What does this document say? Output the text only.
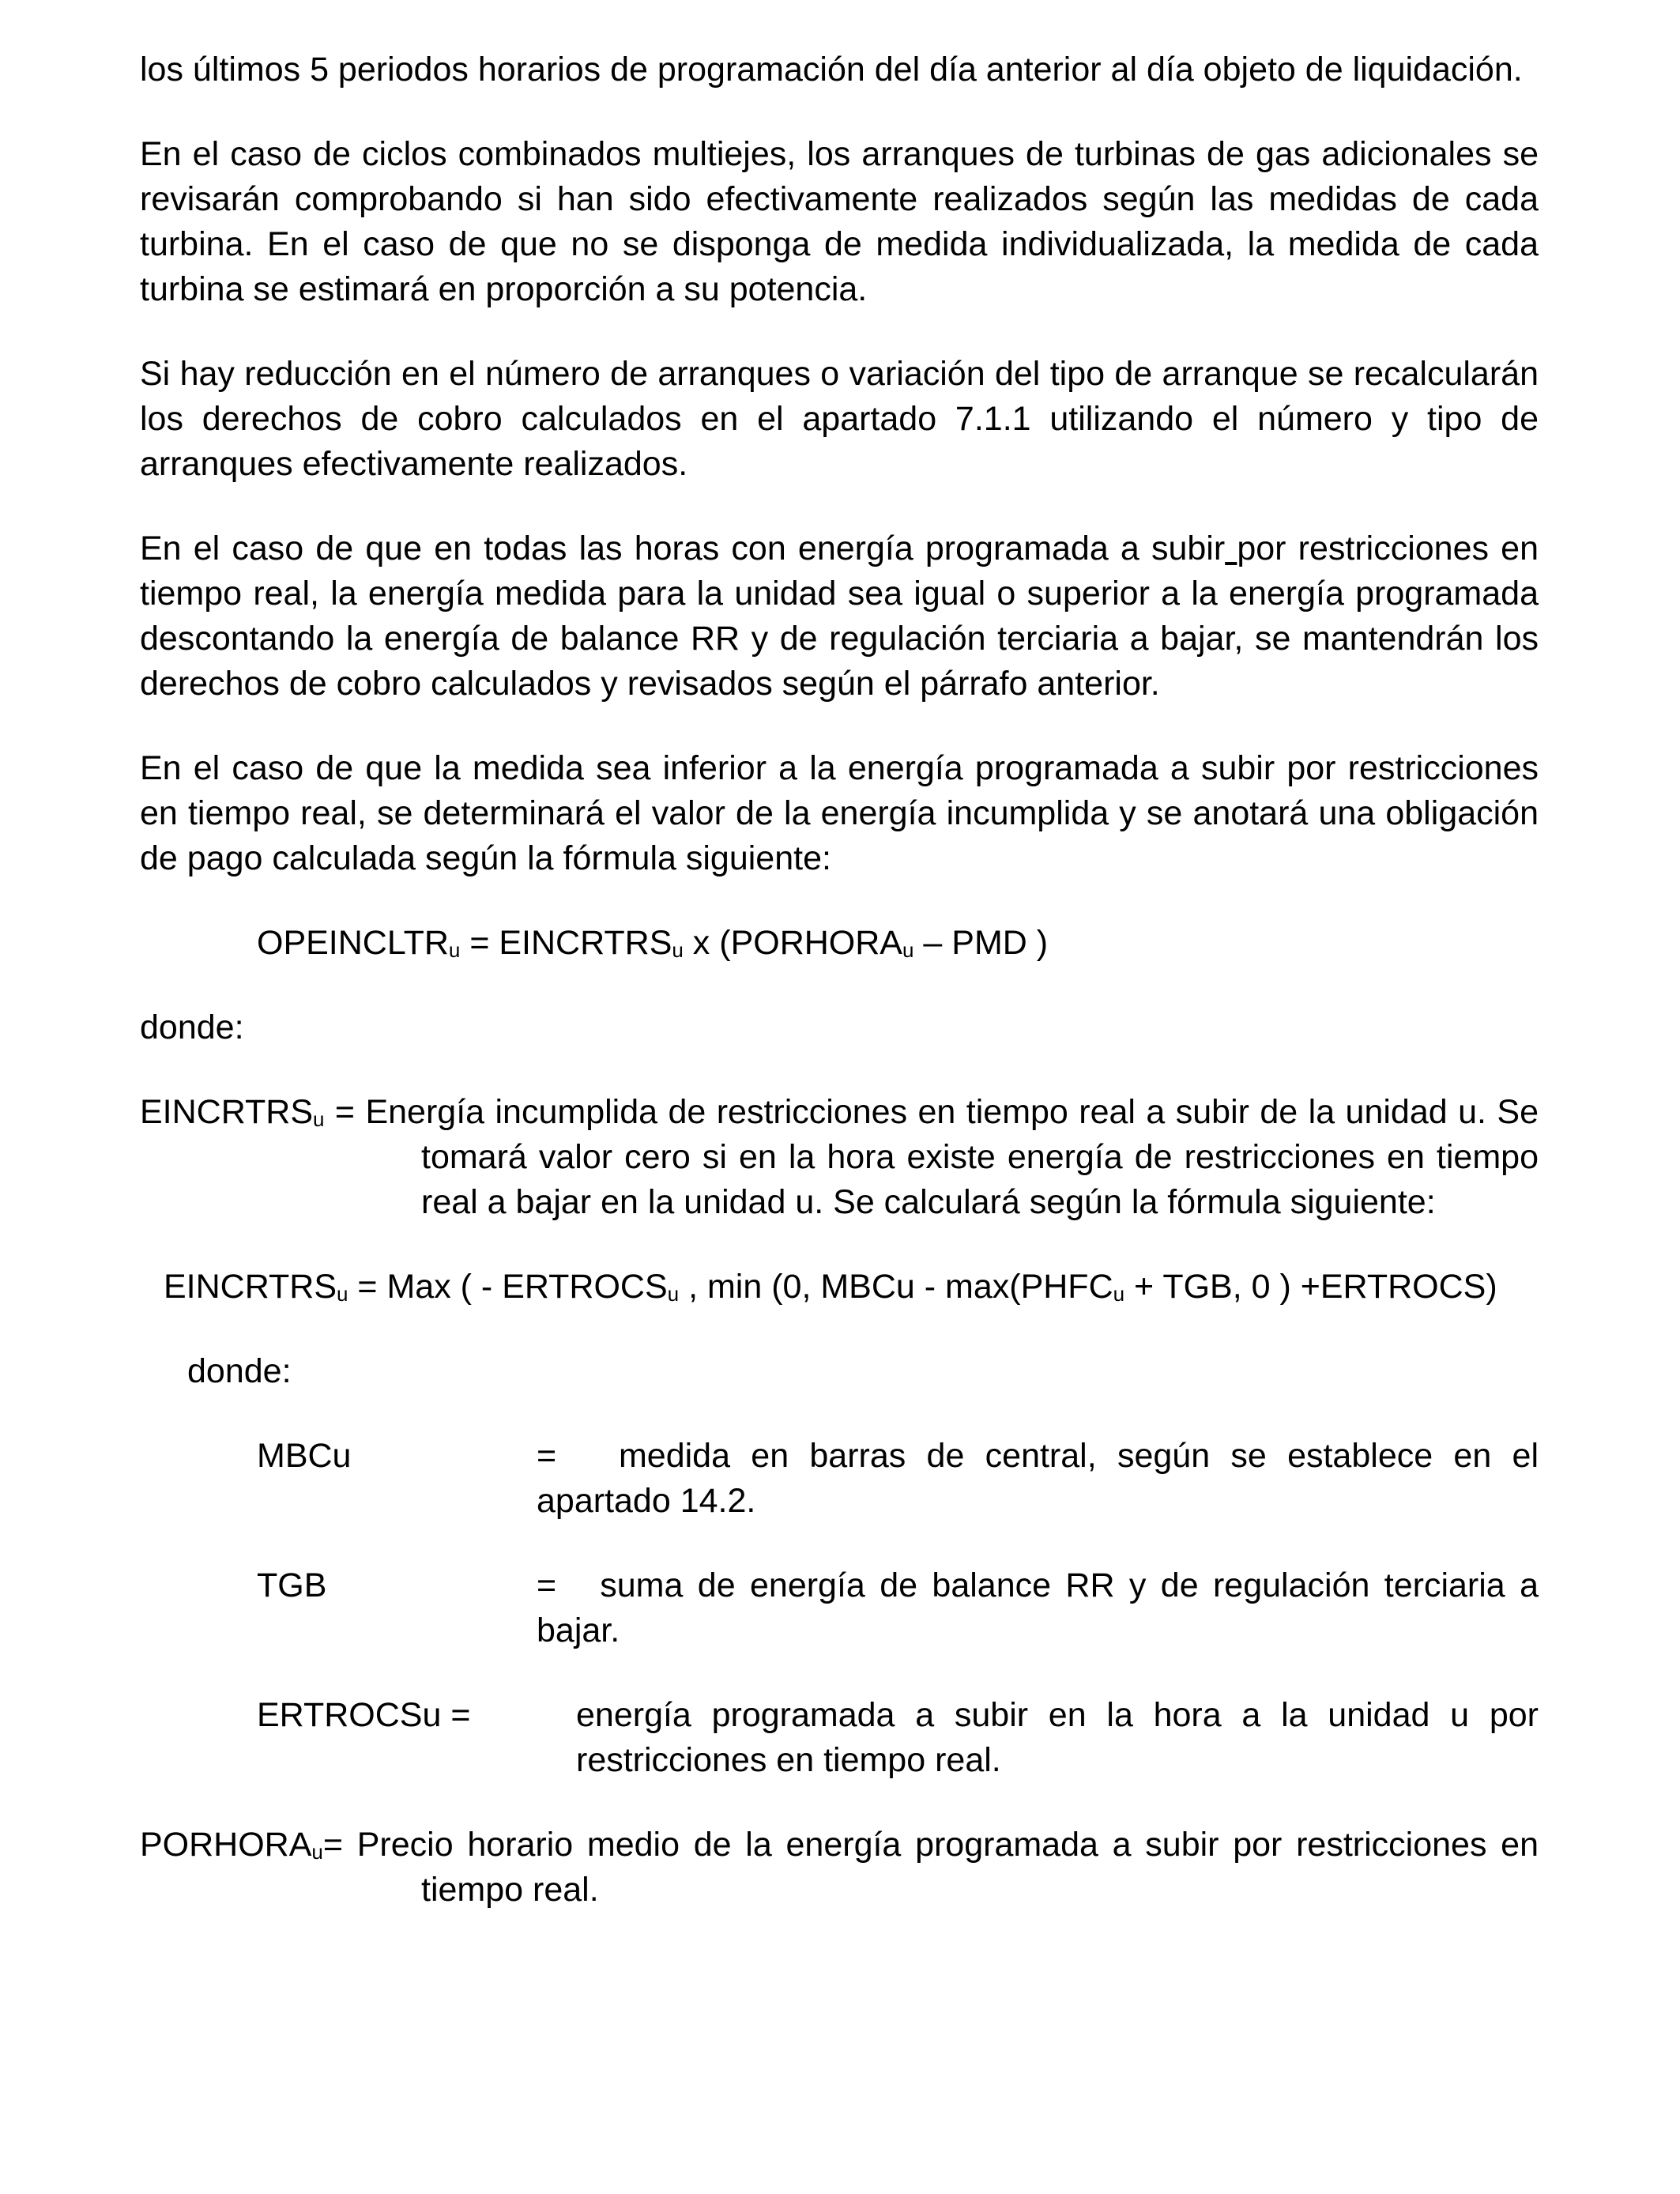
los últimos 5 periodos horarios de programación del día anterior al día objeto de liquidación.

En el caso de ciclos combinados multiejes, los arranques de turbinas de gas adicionales se revisarán comprobando si han sido efectivamente realizados según las medidas de cada turbina. En el caso de que no se disponga de medida individualizada, la medida de cada turbina se estimará en proporción a su potencia.

Si hay reducción en el número de arranques o variación del tipo de arranque se recalcularán los derechos de cobro calculados en el apartado 7.1.1 utilizando el número y tipo de arranques efectivamente realizados.

En el caso de que en todas las horas con energía programada a subir por restricciones en tiempo real, la energía medida para la unidad sea igual o superior a la energía programada descontando la energía de balance RR y de regulación terciaria a bajar, se mantendrán los derechos de cobro calculados y revisados según el párrafo anterior.

En el caso de que la medida sea inferior a la energía programada a subir por restricciones en tiempo real, se determinará el valor de la energía incumplida y se anotará una obligación de pago calculada según la fórmula siguiente:

$OPEINCLTR_u$ = $EINCRTRS_u$ x ($PORHORA_u$ – PMD )

donde:

$EINCRTRS_u$ = Energía incumplida de restricciones en tiempo real a subir de la unidad u. Se tomará valor cero si en la hora existe energía de restricciones en tiempo real a bajar en la unidad u. Se calculará según la fórmula siguiente:

$EINCRTRS_u$ = Max ( - $ERTROCS_u$ , min (0, MBCu - $\max(PHFC_u$ + TGB, 0 ) +ERTROCS)

donde:

MBCu	= medida en barras de central, según se establece en el apartado 14.2.
TGB	= suma de energía de balance RR y de regulación terciaria a bajar.
ERTROCSu =	energía programada a subir en la hora a la unidad u por restricciones en tiempo real.

$PORHORA_u=$ Precio horario medio de la energía programada a subir por restricciones en tiempo real.
